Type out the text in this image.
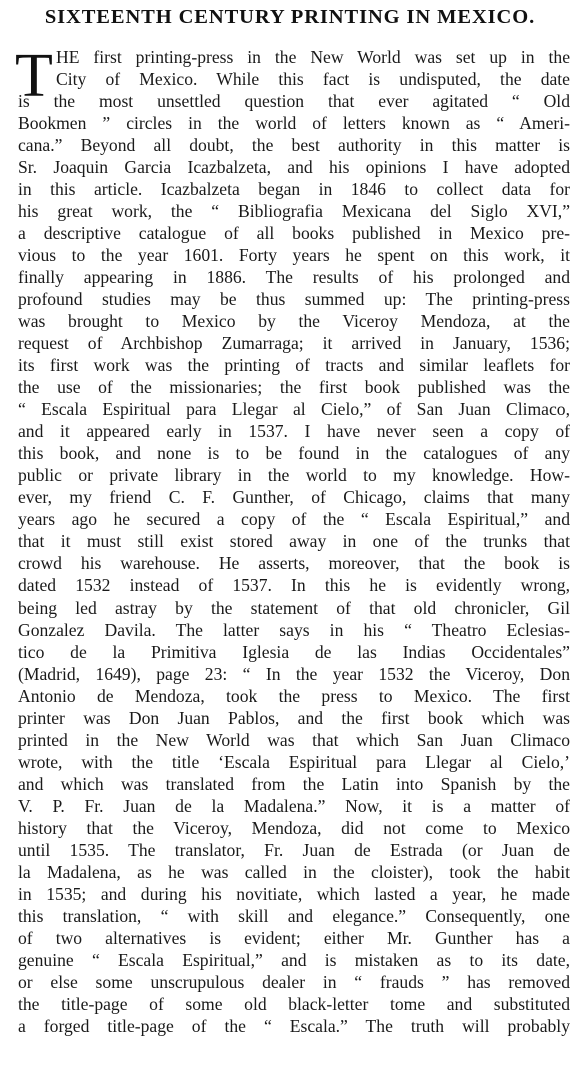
SIXTEENTH CENTURY PRINTING IN MEXICO.
T HE first printing-press in the New World was set up in the
City of Mexico. While this fact is undisputed, the date
is the most unsettled question that ever agitated “ Old
Bookmen ” circles in the world of letters known as “ Ameri-
cana.” Beyond all doubt, the best authority in this matter is
Sr. Joaquin Garcia Icazbalzeta, and his opinions I have adopted
in this article. Icazbalzeta began in 1846 to collect data for
his great work, the “ Bibliografia Mexicana del Siglo XVI,”
a descriptive catalogue of all books published in Mexico pre-
vious to the year 1601. Forty years he spent on this work, it
finally appearing in 1886. The results of his prolonged and
profound studies may be thus summed up: The printing-press
was brought to Mexico by the Viceroy Mendoza, at the
request of Archbishop Zumarraga; it arrived in January, 1536;
its first work was the printing of tracts and similar leaflets for
the use of the missionaries; the first book published was the
“ Escala Espiritual para Llegar al Cielo,” of San Juan Climaco,
and it appeared early in 1537. I have never seen a copy of
this book, and none is to be found in the catalogues of any
public or private library in the world to my knowledge. How-
ever, my friend C. F. Gunther, of Chicago, claims that many
years ago he secured a copy of the “ Escala Espiritual,” and
that it must still exist stored away in one of the trunks that
crowd his warehouse. He asserts, moreover, that the book is
dated 1532 instead of 1537. In this he is evidently wrong,
being led astray by the statement of that old chronicler, Gil
Gonzalez Davila. The latter says in his “ Theatro Eclesias-
tico de la Primitiva Iglesia de las Indias Occidentales”
(Madrid, 1649), page 23: “ In the year 1532 the Viceroy, Don
Antonio de Mendoza, took the press to Mexico. The first
printer was Don Juan Pablos, and the first book which was
printed in the New World was that which San Juan Climaco
wrote, with the title ‘Escala Espiritual para Llegar al Cielo,’
and which was translated from the Latin into Spanish by the
V. P. Fr. Juan de la Madalena.” Now, it is a matter of
history that the Viceroy, Mendoza, did not come to Mexico
until 1535. The translator, Fr. Juan de Estrada (or Juan de
la Madalena, as he was called in the cloister), took the habit
in 1535; and during his novitiate, which lasted a year, he made
this translation, “ with skill and elegance.” Consequently, one
of two alternatives is evident; either Mr. Gunther has a
genuine “ Escala Espiritual,” and is mistaken as to its date,
or else some unscrupulous dealer in “ frauds ” has removed
the title-page of some old black-letter tome and substituted
a forged title-page of the “ Escala.” The truth will probably
